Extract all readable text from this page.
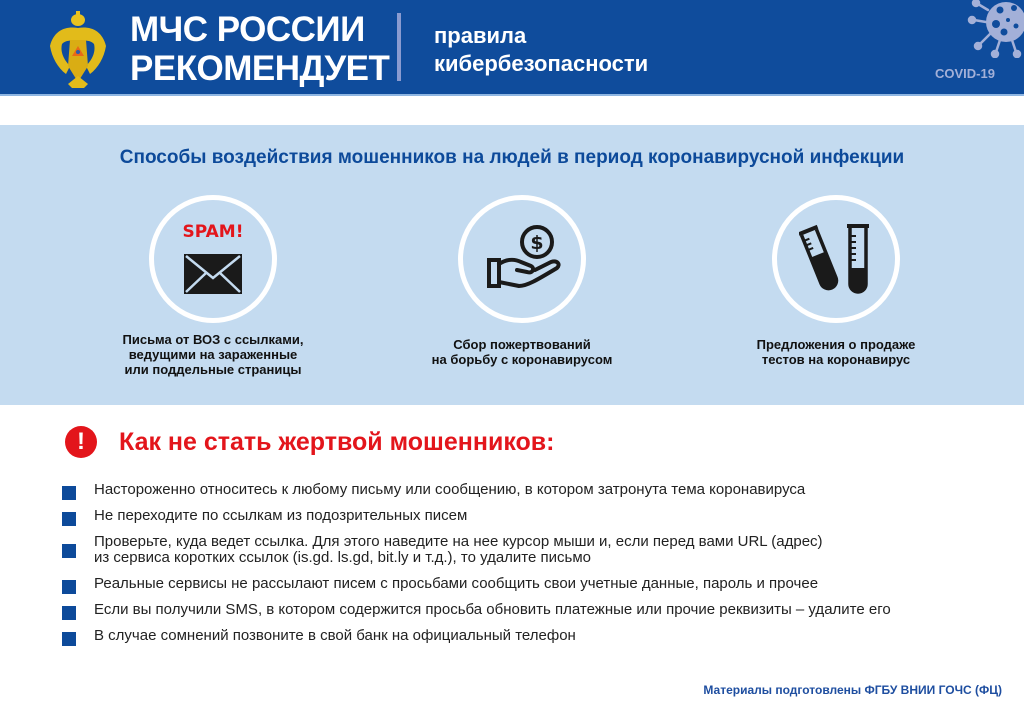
МЧС РОССИИ
РЕКОМЕНДУЕТ
правила
кибербезопасности	COVID-19
Способы воздействия мошенников на людей в период коронавирусной инфекции
SPAM!
Письма от ВОЗ с ссылками,
ведущими на зараженные
или поддельные страницы
$
Сбор пожертвований
на борьбу с коронавирусом
Предложения о продаже
тестов на коронавирус
!	Как не стать жертвой мошенников:
Настороженно относитесь к любому письму или сообщению, в котором затронута тема коронавируса
Не переходите по ссылкам из подозрительных писем
Проверьте, куда ведет ссылка. Для этого наведите на нее курсор мыши и, если перед вами URL (адрес)
из сервиса коротких ссылок (is.gd. ls.gd, bit.ly и т.д.), то удалите письмо
Реальные сервисы не рассылают писем с просьбами сообщить свои учетные данные, пароль и прочее
Если вы получили SMS, в котором содержится просьба обновить платежные или прочие реквизиты – удалите его
В случае сомнений позвоните в свой банк на официальный телефон
Материалы подготовлены ФГБУ ВНИИ ГОЧС (ФЦ)
